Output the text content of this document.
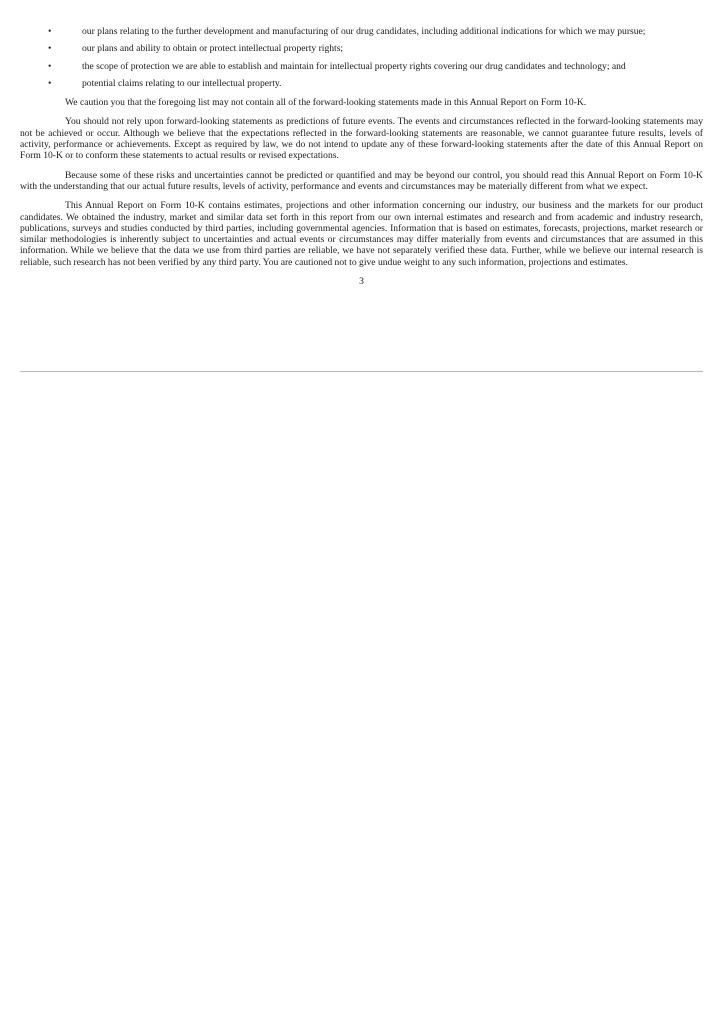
•	our plans relating to the further development and manufacturing of our drug candidates, including additional indications for which we may pursue;
•	our plans and ability to obtain or protect intellectual property rights;
•	the scope of protection we are able to establish and maintain for intellectual property rights covering our drug candidates and technology; and
•	potential claims relating to our intellectual property.

We caution you that the foregoing list may not contain all of the forward-looking statements made in this Annual Report on Form 10-K.

You should not rely upon forward-looking statements as predictions of future events. The events and circumstances reflected in the forward-looking statements may not be achieved or occur. Although we believe that the expectations reflected in the forward-looking statements are reasonable, we cannot guarantee future results, levels of activity, performance or achievements. Except as required by law, we do not intend to update any of these forward-looking statements after the date of this Annual Report on Form 10-K or to conform these statements to actual results or revised expectations.

Because some of these risks and uncertainties cannot be predicted or quantified and may be beyond our control, you should read this Annual Report on Form 10-K with the understanding that our actual future results, levels of activity, performance and events and circumstances may be materially different from what we expect.

This Annual Report on Form 10-K contains estimates, projections and other information concerning our industry, our business and the markets for our product candidates. We obtained the industry, market and similar data set forth in this report from our own internal estimates and research and from academic and industry research, publications, surveys and studies conducted by third parties, including governmental agencies. Information that is based on estimates, forecasts, projections, market research or similar methodologies is inherently subject to uncertainties and actual events or circumstances may differ materially from events and circumstances that are assumed in this information. While we believe that the data we use from third parties are reliable, we have not separately verified these data. Further, while we believe our internal research is reliable, such research has not been verified by any third party. You are cautioned not to give undue weight to any such information, projections and estimates.

3
